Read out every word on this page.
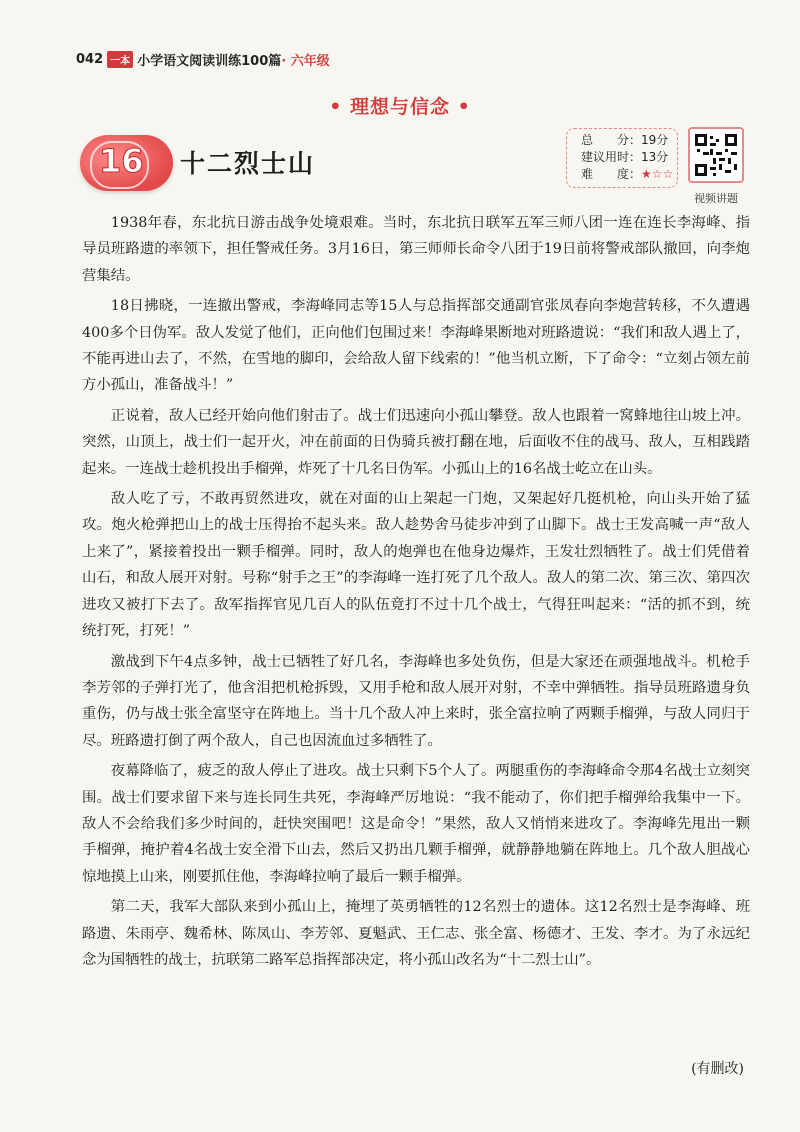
042 一本 小学语文阅读训练100篇 · 六年级
• 理想与信念 •
16 十二烈士山
总　　分：19分
建议用时：13分
难　　度：★☆☆
视频讲题

1938年春，东北抗日游击战争处境艰难。当时，东北抗日联军五军三师八团一连在连长李海峰、指导员班路遗的率领下，担任警戒任务。3月16日，第三师师长命令八团于19日前将警戒部队撤回，向李炮营集结。

18日拂晓，一连撤出警戒，李海峰同志等15人与总指挥部交通副官张凤春向李炮营转移，不久遭遇400多个日伪军。敌人发觉了他们，正向他们包围过来！李海峰果断地对班路遗说：“我们和敌人遇上了，不能再进山去了，不然，在雪地的脚印，会给敌人留下线索的！”他当机立断，下了命令：“立刻占领左前方小孤山，准备战斗！”

正说着，敌人已经开始向他们射击了。战士们迅速向小孤山攀登。敌人也跟着一窝蜂地往山坡上冲。突然，山顶上，战士们一起开火，冲在前面的日伪骑兵被打翻在地，后面收不住的战马、敌人，互相践踏起来。一连战士趁机投出手榴弹，炸死了十几名日伪军。小孤山上的16名战士屹立在山头。

敌人吃了亏，不敢再贸然进攻，就在对面的山上架起一门炮，又架起好几挺机枪，向山头开始了猛攻。炮火枪弹把山上的战士压得抬不起头来。敌人趁势舍马徒步冲到了山脚下。战士王发高喊一声“敌人上来了”，紧接着投出一颗手榴弹。同时，敌人的炮弹也在他身边爆炸，王发壮烈牺牲了。战士们凭借着山石，和敌人展开对射。号称“射手之王”的李海峰一连打死了几个敌人。敌人的第二次、第三次、第四次进攻又被打下去了。敌军指挥官见几百人的队伍竟打不过十几个战士，气得狂叫起来：“活的抓不到，统统打死，打死！”

激战到下午4点多钟，战士已牺牲了好几名，李海峰也多处负伤，但是大家还在顽强地战斗。机枪手李芳邻的子弹打光了，他含泪把机枪拆毁，又用手枪和敌人展开对射，不幸中弹牺牲。指导员班路遗身负重伤，仍与战士张全富坚守在阵地上。当十几个敌人冲上来时，张全富拉响了两颗手榴弹，与敌人同归于尽。班路遗打倒了两个敌人，自己也因流血过多牺牲了。

夜幕降临了，疲乏的敌人停止了进攻。战士只剩下5个人了。两腿重伤的李海峰命令那4名战士立刻突围。战士们要求留下来与连长同生共死，李海峰严厉地说：“我不能动了，你们把手榴弹给我集中一下。敌人不会给我们多少时间的，赶快突围吧！这是命令！”果然，敌人又悄悄来进攻了。李海峰先甩出一颗手榴弹，掩护着4名战士安全滑下山去，然后又扔出几颗手榴弹，就静静地躺在阵地上。几个敌人胆战心惊地摸上山来，刚要抓住他，李海峰拉响了最后一颗手榴弹。

第二天，我军大部队来到小孤山上，掩埋了英勇牺牲的12名烈士的遗体。这12名烈士是李海峰、班路遗、朱雨亭、魏希林、陈凤山、李芳邻、夏魁武、王仁志、张全富、杨德才、王发、李才。为了永远纪念为国牺牲的战士，抗联第二路军总指挥部决定，将小孤山改名为“十二烈士山”。

(有删改)
